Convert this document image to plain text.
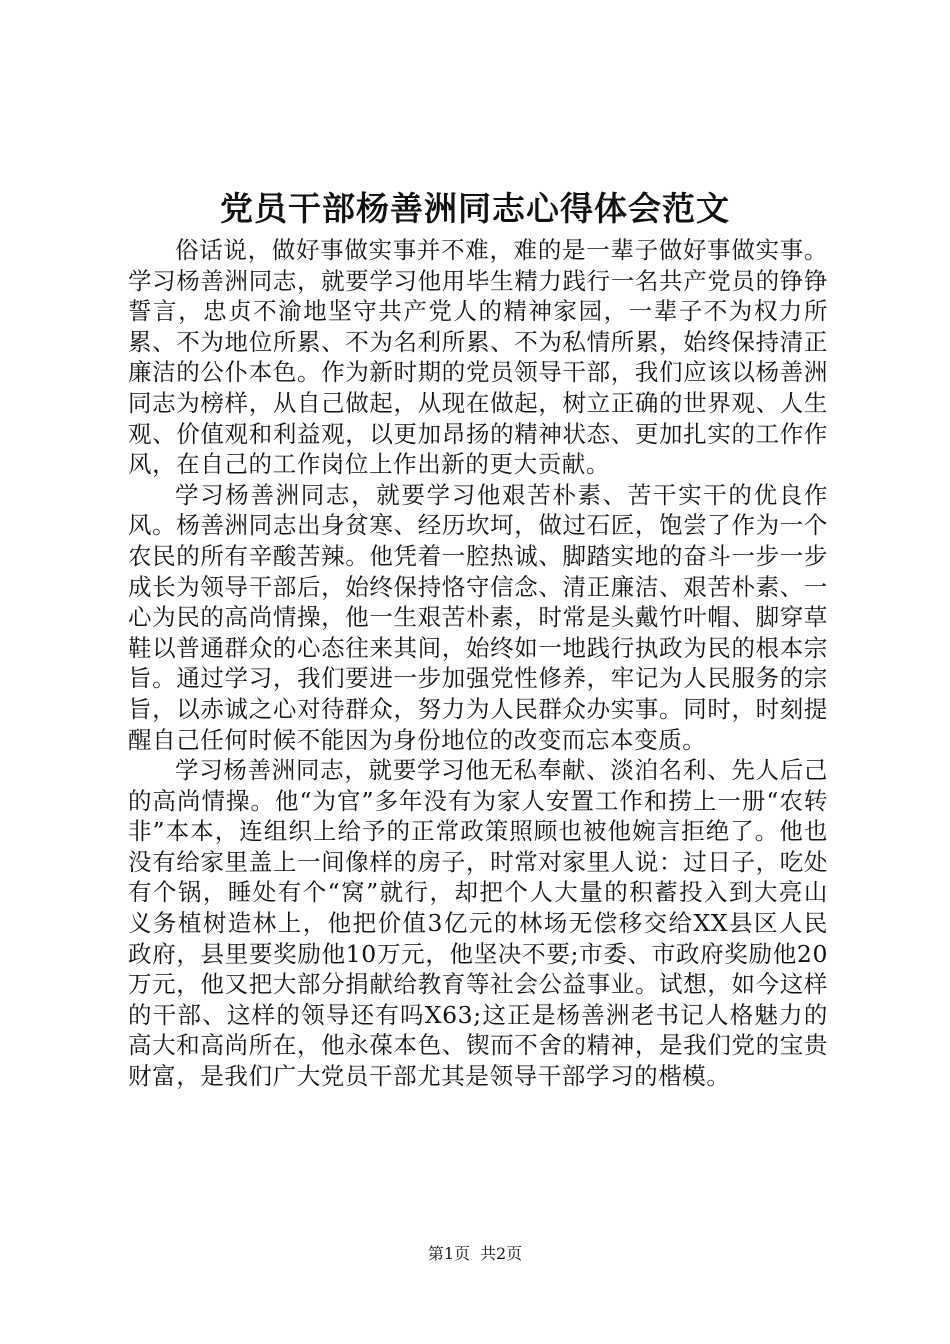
党员干部杨善洲同志心得体会范文

俗话说，做好事做实事并不难，难的是一辈子做好事做实事。学习杨善洲同志，就要学习他用毕生精力践行一名共产党员的铮铮誓言，忠贞不渝地坚守共产党人的精神家园，一辈子不为权力所累、不为地位所累、不为名利所累、不为私情所累，始终保持清正廉洁的公仆本色。作为新时期的党员领导干部，我们应该以杨善洲同志为榜样，从自己做起，从现在做起，树立正确的世界观、人生观、价值观和利益观，以更加昂扬的精神状态、更加扎实的工作作风，在自己的工作岗位上作出新的更大贡献。

学习杨善洲同志，就要学习他艰苦朴素、苦干实干的优良作风。杨善洲同志出身贫寒、经历坎坷，做过石匠，饱尝了作为一个农民的所有辛酸苦辣。他凭着一腔热诚、脚踏实地的奋斗一步一步成长为领导干部后，始终保持恪守信念、清正廉洁、艰苦朴素、一心为民的高尚情操，他一生艰苦朴素，时常是头戴竹叶帽、脚穿草鞋以普通群众的心态往来其间，始终如一地践行执政为民的根本宗旨。通过学习，我们要进一步加强党性修养，牢记为人民服务的宗旨，以赤诚之心对待群众，努力为人民群众办实事。同时，时刻提醒自己任何时候不能因为身份地位的改变而忘本变质。

学习杨善洲同志，就要学习他无私奉献、淡泊名利、先人后己的高尚情操。他“为官”多年没有为家人安置工作和捞上一册“农转非”本本，连组织上给予的正常政策照顾也被他婉言拒绝了。他也没有给家里盖上一间像样的房子，时常对家里人说：过日子，吃处有个锅，睡处有个“窝”就行，却把个人大量的积蓄投入到大亮山义务植树造林上，他把价值3亿元的林场无偿移交给XX县区人民政府，县里要奖励他10万元，他坚决不要;市委、市政府奖励他20万元，他又把大部分捐献给教育等社会公益事业。试想，如今这样的干部、这样的领导还有吗X63;这正是杨善洲老书记人格魅力的高大和高尚所在，他永葆本色、锲而不舍的精神，是我们党的宝贵财富，是我们广大党员干部尤其是领导干部学习的楷模。

第1页 共2页
